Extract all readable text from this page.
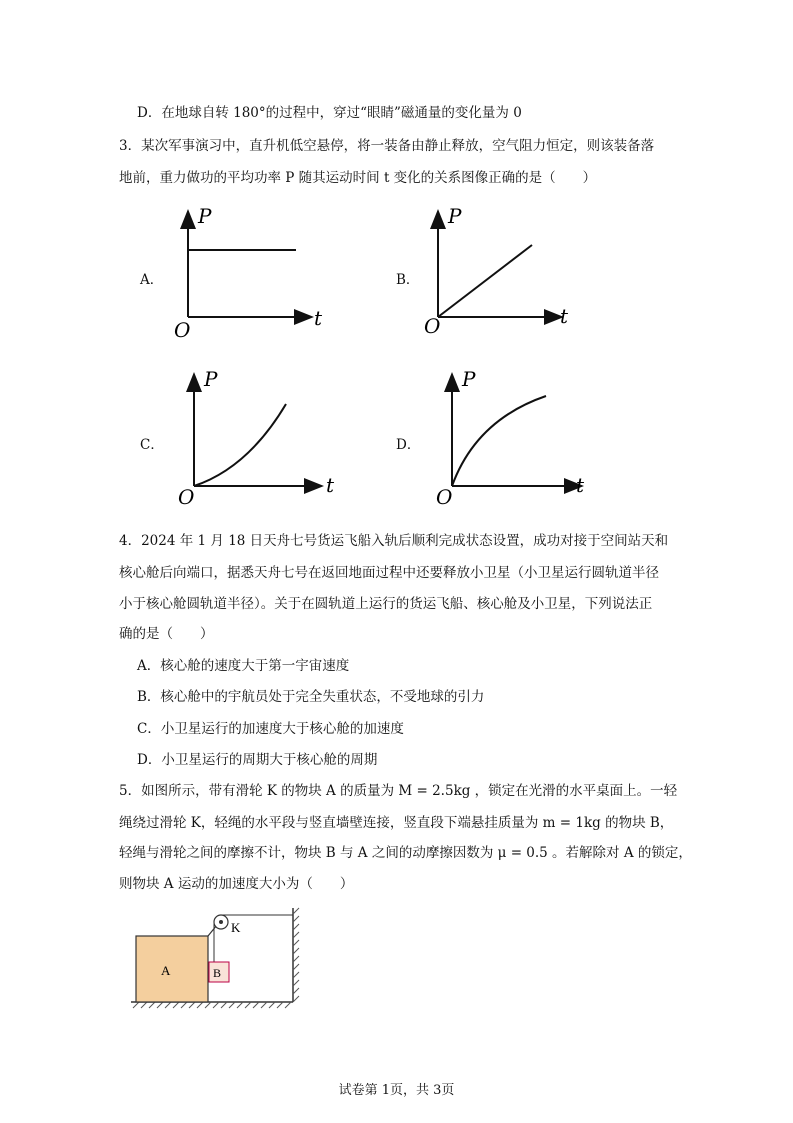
D．在地球自转 180°的过程中，穿过“眼睛”磁通量的变化量为 0
3．某次军事演习中，直升机低空悬停，将一装备由静止释放，空气阻力恒定，则该装备落
地前，重力做功的平均功率 P 随其运动时间 t 变化的关系图像正确的是（　　）
A．
P
t
O
B．
P
t
O
C．
P
t
O
D．
P
t
O
4．2024 年 1 月 18 日天舟七号货运飞船入轨后顺利完成状态设置，成功对接于空间站天和
核心舱后向端口，据悉天舟七号在返回地面过程中还要释放小卫星（小卫星运行圆轨道半径
小于核心舱圆轨道半径）。关于在圆轨道上运行的货运飞船、核心舱及小卫星，下列说法正
确的是（　　）
A．核心舱的速度大于第一宇宙速度
B．核心舱中的宇航员处于完全失重状态，不受地球的引力
C．小卫星运行的加速度大于核心舱的加速度
D．小卫星运行的周期大于核心舱的周期
5．如图所示，带有滑轮 K 的物块 A 的质量为 M = 2.5kg ，锁定在光滑的水平桌面上。一轻
绳绕过滑轮 K，轻绳的水平段与竖直墙壁连接，竖直段下端悬挂质量为 m = 1kg 的物块 B，
轻绳与滑轮之间的摩擦不计，物块 B 与 A 之间的动摩擦因数为 μ = 0.5 。若解除对 A 的锁定，
则物块 A 运动的加速度大小为（　　）
A
K
B
试卷第 1页，共 3页
